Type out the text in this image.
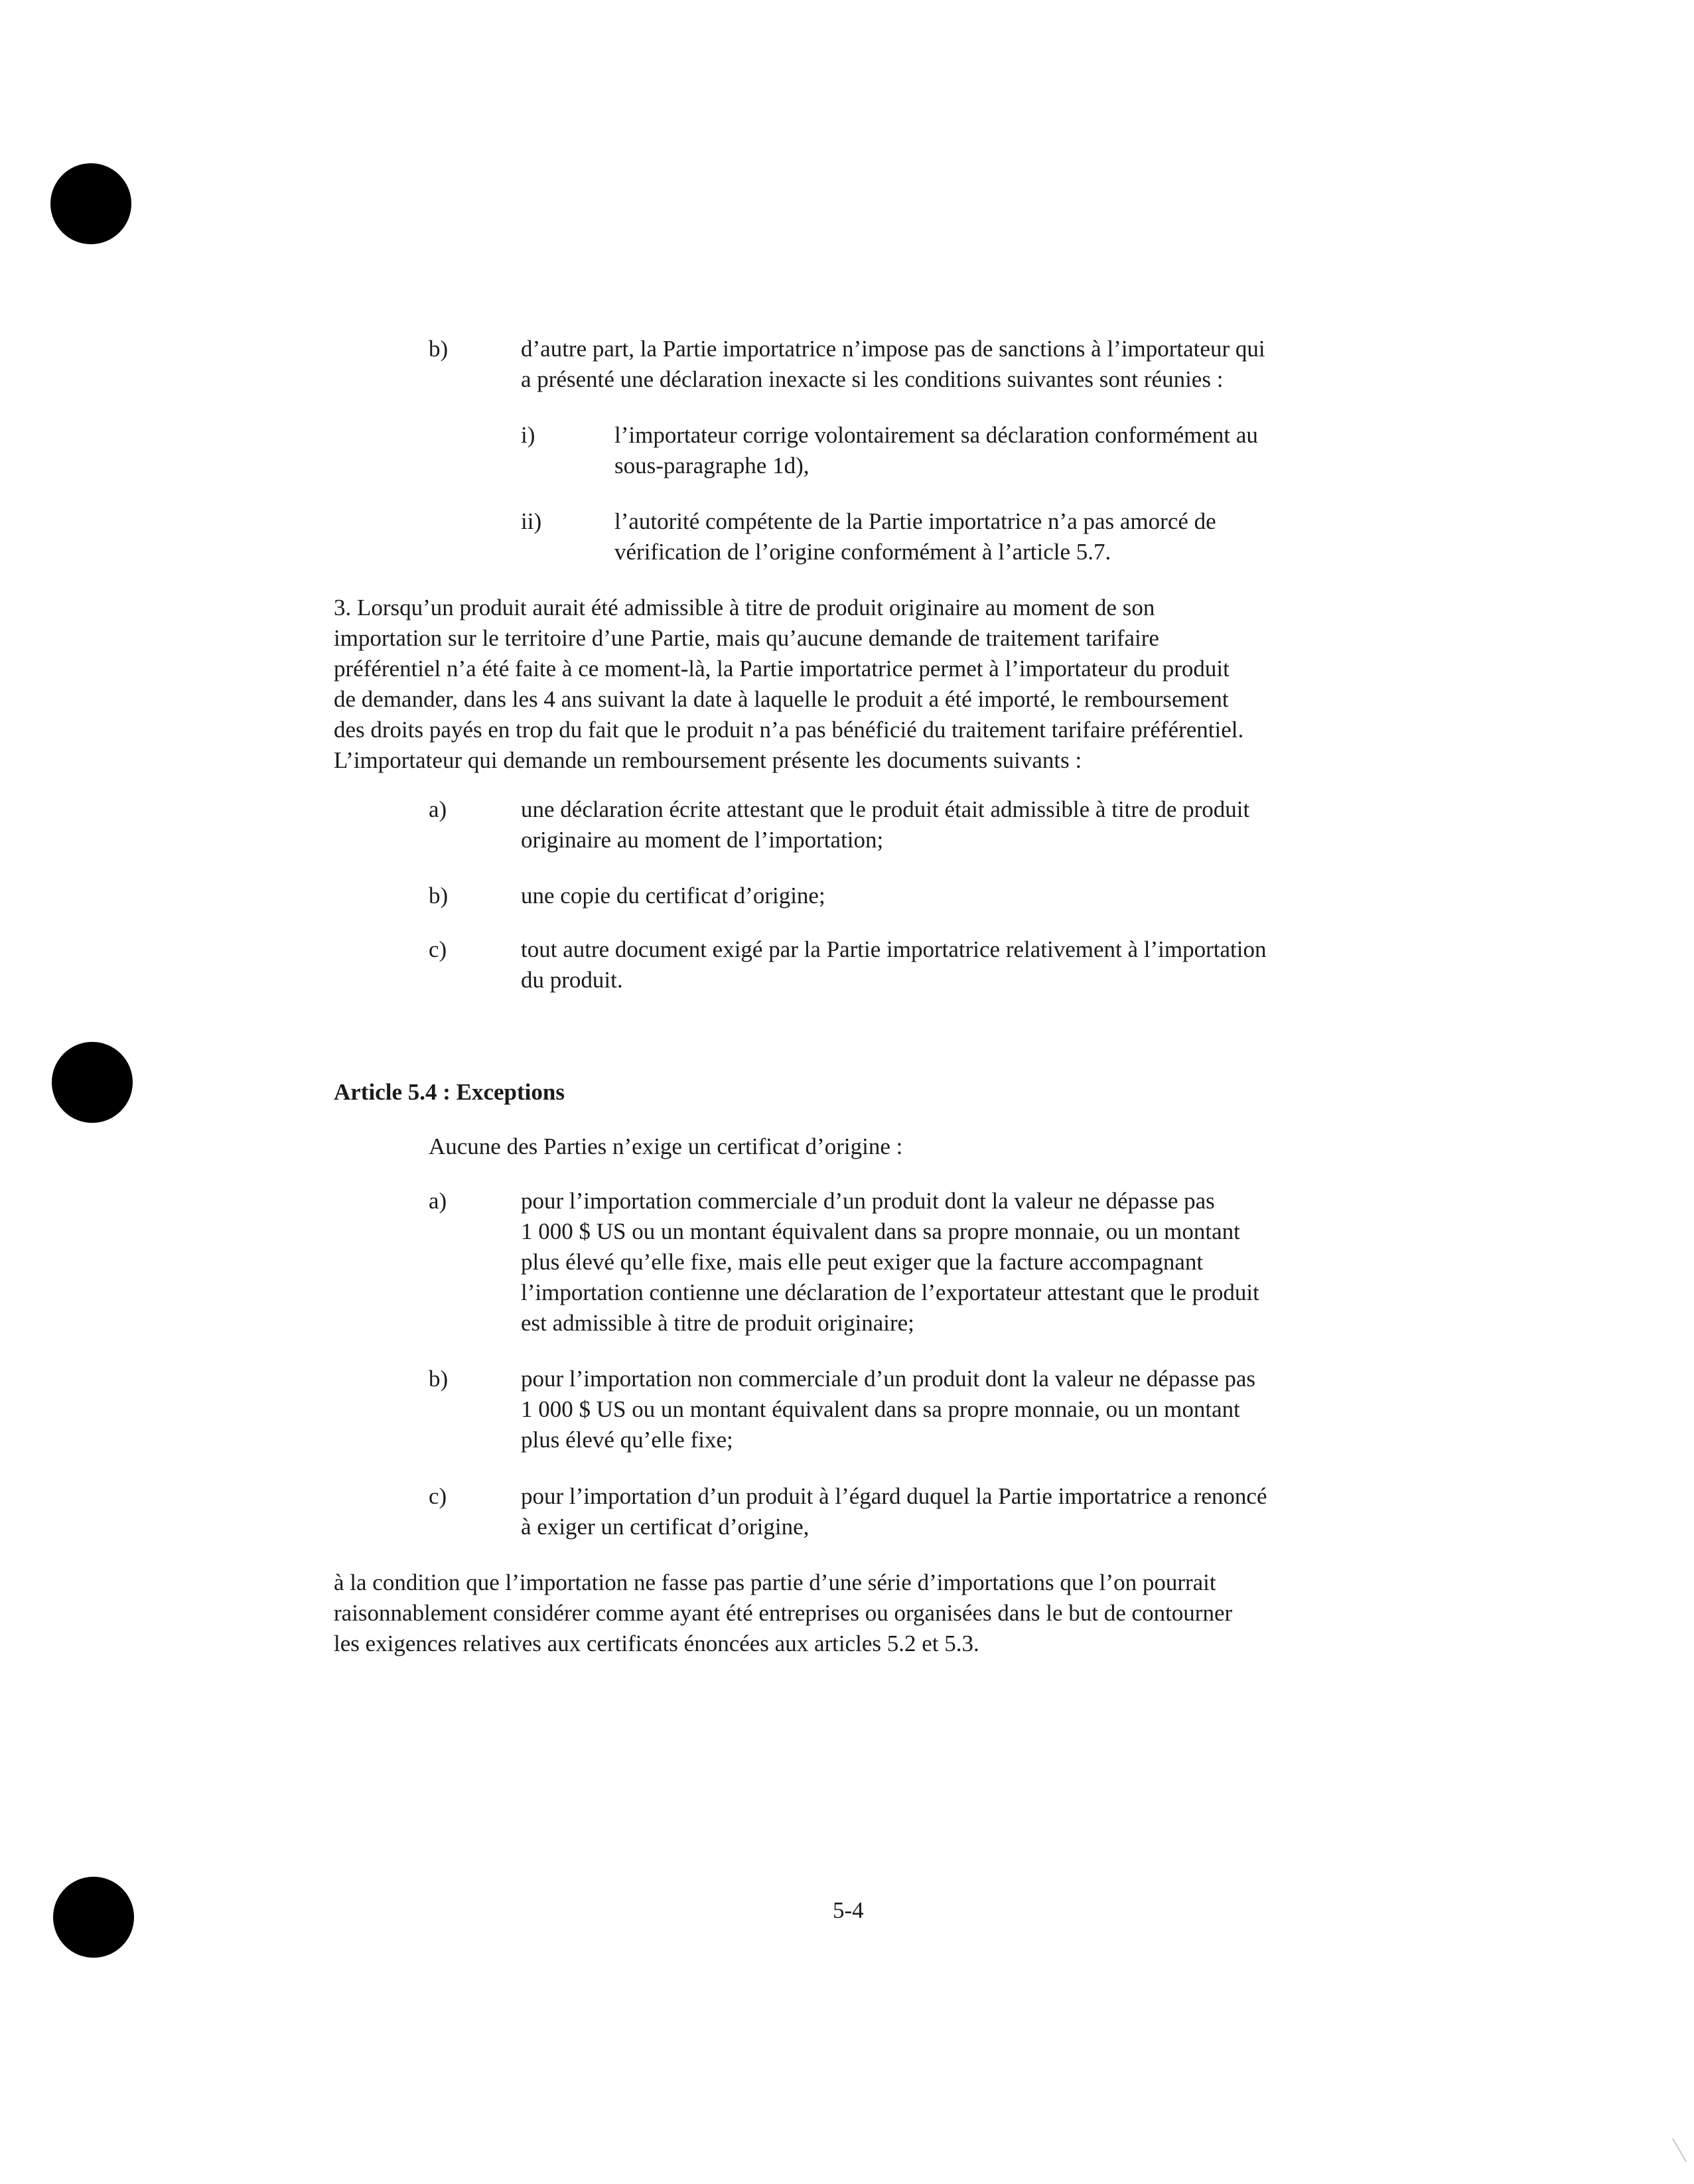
b)	d’autre part, la Partie importatrice n’impose pas de sanctions à l’importateur qui

a présenté une déclaration inexacte si les conditions suivantes sont réunies :

i)	l’importateur corrige volontairement sa déclaration conformément au

sous-paragraphe 1d),

ii)	l’autorité compétente de la Partie importatrice n’a pas amorcé de

vérification de l’origine conformément à l’article 5.7.

3. Lorsqu’un produit aurait été admissible à titre de produit originaire au moment de son

importation sur le territoire d’une Partie, mais qu’aucune demande de traitement tarifaire

préférentiel n’a été faite à ce moment-là, la Partie importatrice permet à l’importateur du produit

de demander, dans les 4 ans suivant la date à laquelle le produit a été importé, le remboursement

des droits payés en trop du fait que le produit n’a pas bénéficié du traitement tarifaire préférentiel.

L’importateur qui demande un remboursement présente les documents suivants :

a)	une déclaration écrite attestant que le produit était admissible à titre de produit

originaire au moment de l’importation;

b)	une copie du certificat d’origine;

c)	tout autre document exigé par la Partie importatrice relativement à l’importation

du produit.

Article 5.4 : Exceptions

Aucune des Parties n’exige un certificat d’origine :

a)	pour l’importation commerciale d’un produit dont la valeur ne dépasse pas

1 000 $ US ou un montant équivalent dans sa propre monnaie, ou un montant

plus élevé qu’elle fixe, mais elle peut exiger que la facture accompagnant

l’importation contienne une déclaration de l’exportateur attestant que le produit

est admissible à titre de produit originaire;

b)	pour l’importation non commerciale d’un produit dont la valeur ne dépasse pas

1 000 $ US ou un montant équivalent dans sa propre monnaie, ou un montant

plus élevé qu’elle fixe;

c)	pour l’importation d’un produit à l’égard duquel la Partie importatrice a renoncé

à exiger un certificat d’origine,

à la condition que l’importation ne fasse pas partie d’une série d’importations que l’on pourrait

raisonnablement considérer comme ayant été entreprises ou organisées dans le but de contourner

les exigences relatives aux certificats énoncées aux articles 5.2 et 5.3.

5-4
